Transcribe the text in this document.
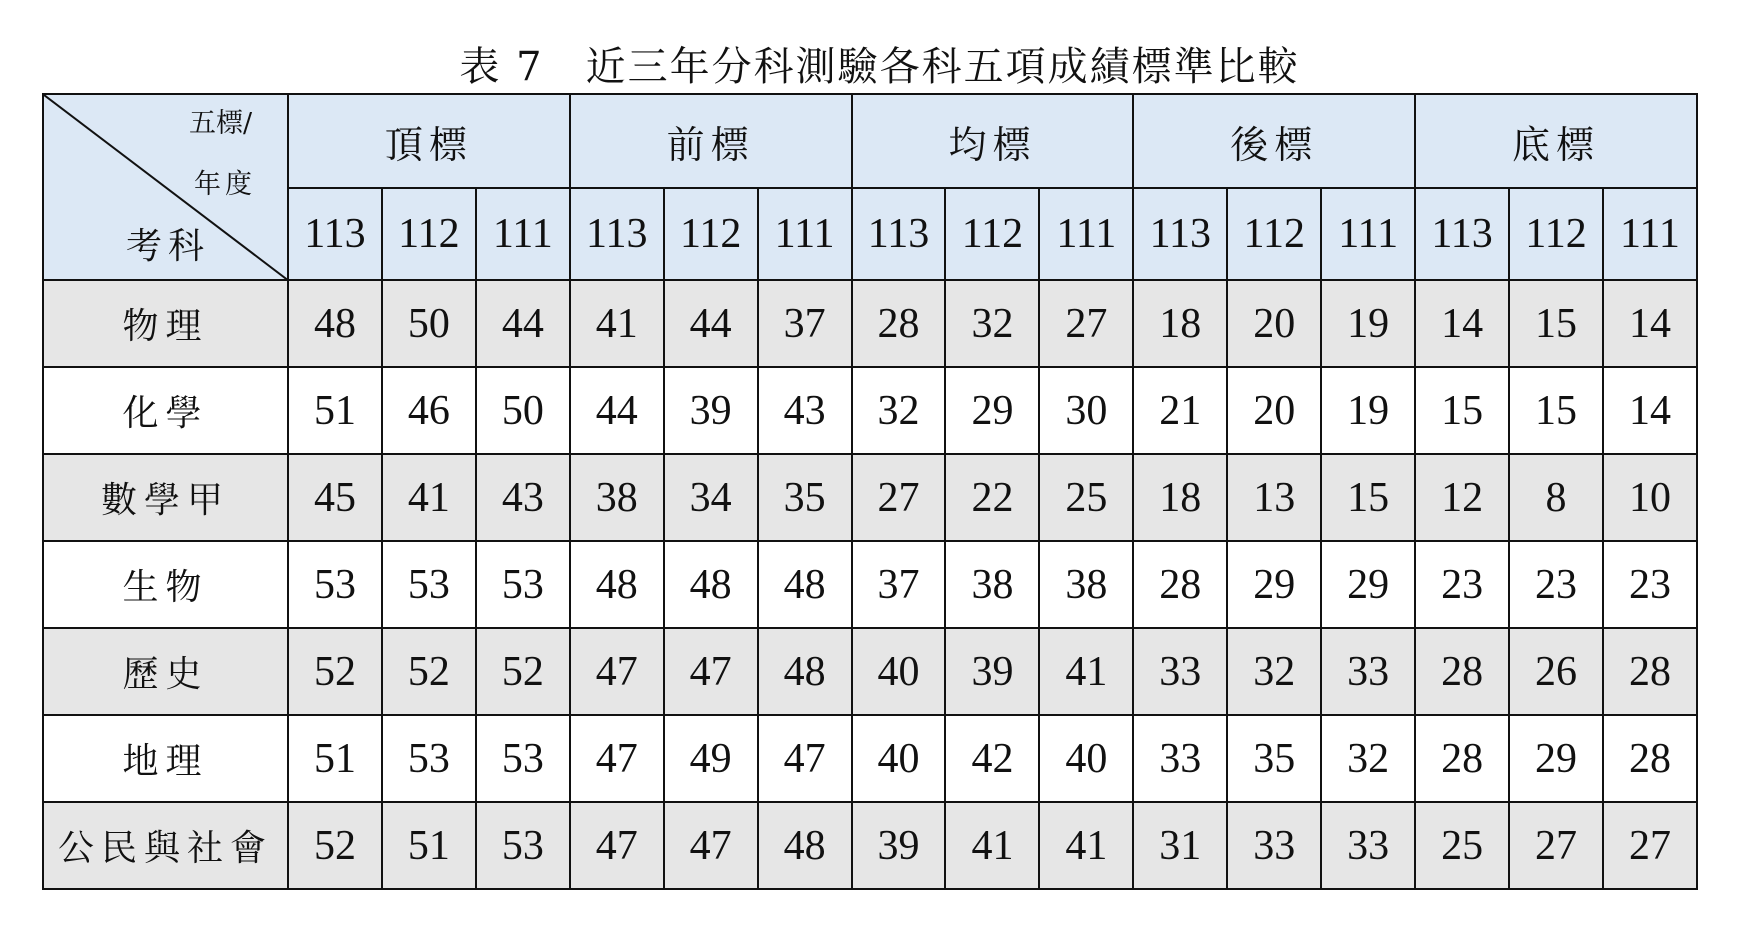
表 7　近三年分科測驗各科五項成績標準比較
五標/
年度
考科	頂標			前標			均標			後標			底標		
	113	112	111	113	112	111	113	112	111	113	112	111	113	112	111
物理	48	50	44	41	44	37	28	32	27	18	20	19	14	15	14
化學	51	46	50	44	39	43	32	29	30	21	20	19	15	15	14
數學甲	45	41	43	38	34	35	27	22	25	18	13	15	12	8	10
生物	53	53	53	48	48	48	37	38	38	28	29	29	23	23	23
歷史	52	52	52	47	47	48	40	39	41	33	32	33	28	26	28
地理	51	53	53	47	49	47	40	42	40	33	35	32	28	29	28
公民與社會	52	51	53	47	47	48	39	41	41	31	33	33	25	27	27
